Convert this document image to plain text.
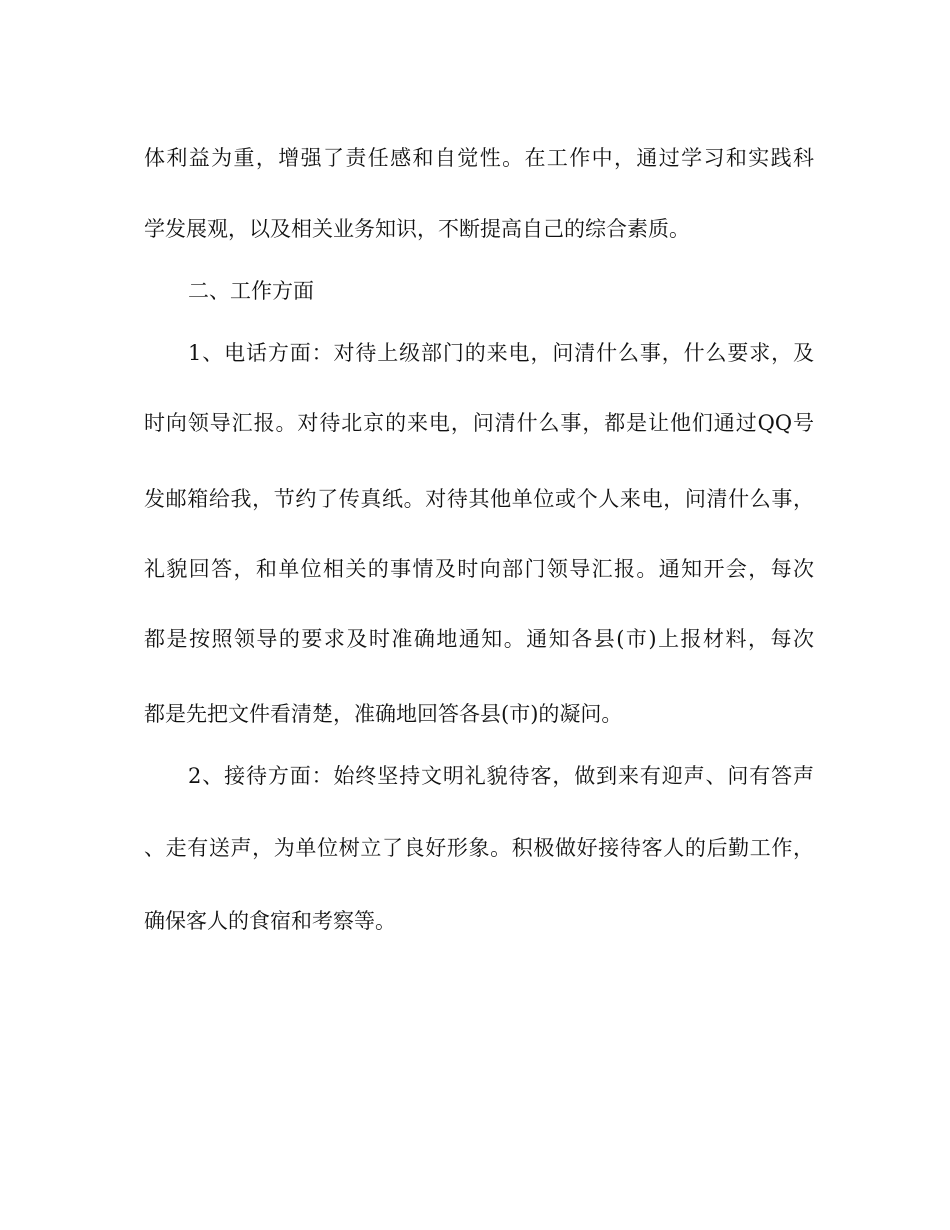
体利益为重，增强了责任感和自觉性。在工作中，通过学习和实践科
学发展观，以及相关业务知识，不断提高自己的综合素质。
二、工作方面
1、电话方面：对待上级部门的来电，问清什么事，什么要求，及
时向领导汇报。对待北京的来电，问清什么事，都是让他们通过QQ号
发邮箱给我，节约了传真纸。对待其他单位或个人来电，问清什么事，
礼貌回答，和单位相关的事情及时向部门领导汇报。通知开会，每次
都是按照领导的要求及时准确地通知。通知各县(市)上报材料，每次
都是先把文件看清楚，准确地回答各县(市)的凝问。
2、接待方面：始终坚持文明礼貌待客，做到来有迎声、问有答声
、走有送声，为单位树立了良好形象。积极做好接待客人的后勤工作，
确保客人的食宿和考察等。
